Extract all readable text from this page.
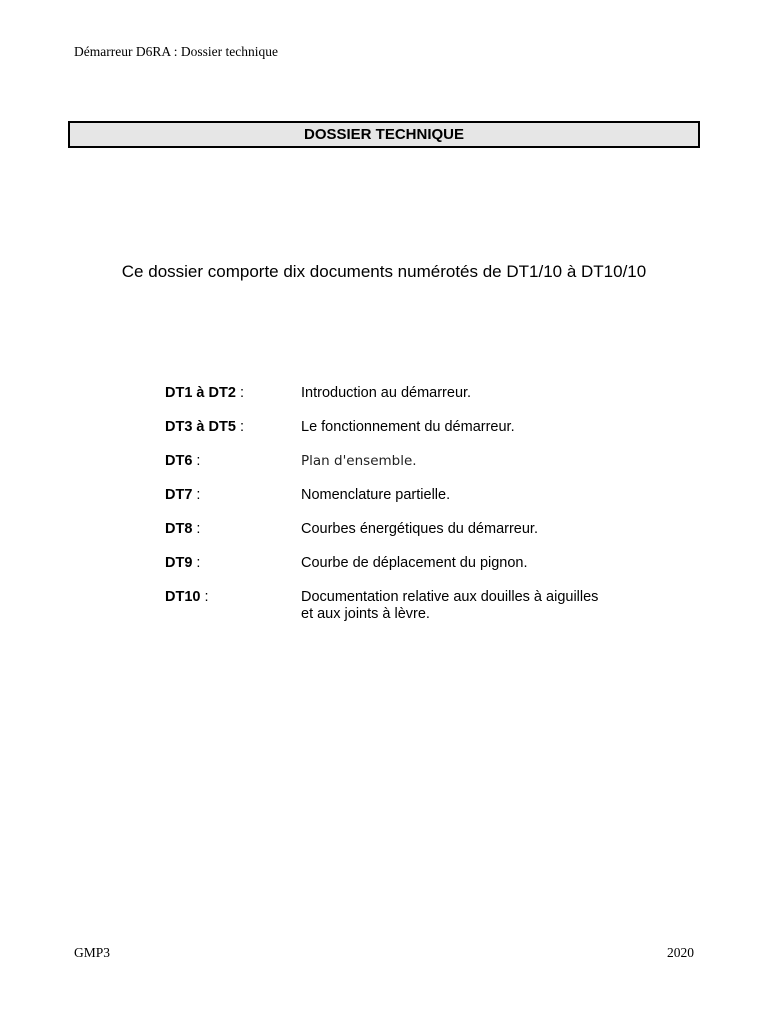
Démarreur D6RA : Dossier technique
DOSSIER TECHNIQUE
Ce dossier comporte dix documents numérotés de DT1/10 à DT10/10
DT1 à DT2 :	Introduction au démarreur.
DT3 à DT5 :	Le fonctionnement du démarreur.
DT6 :	Plan d'ensemble.
DT7 :	Nomenclature partielle.
DT8 :	Courbes énergétiques du démarreur.
DT9 :	Courbe de déplacement du pignon.
DT10 :	Documentation relative aux douilles à aiguilles
et aux joints à lèvre.
GMP3	2020
